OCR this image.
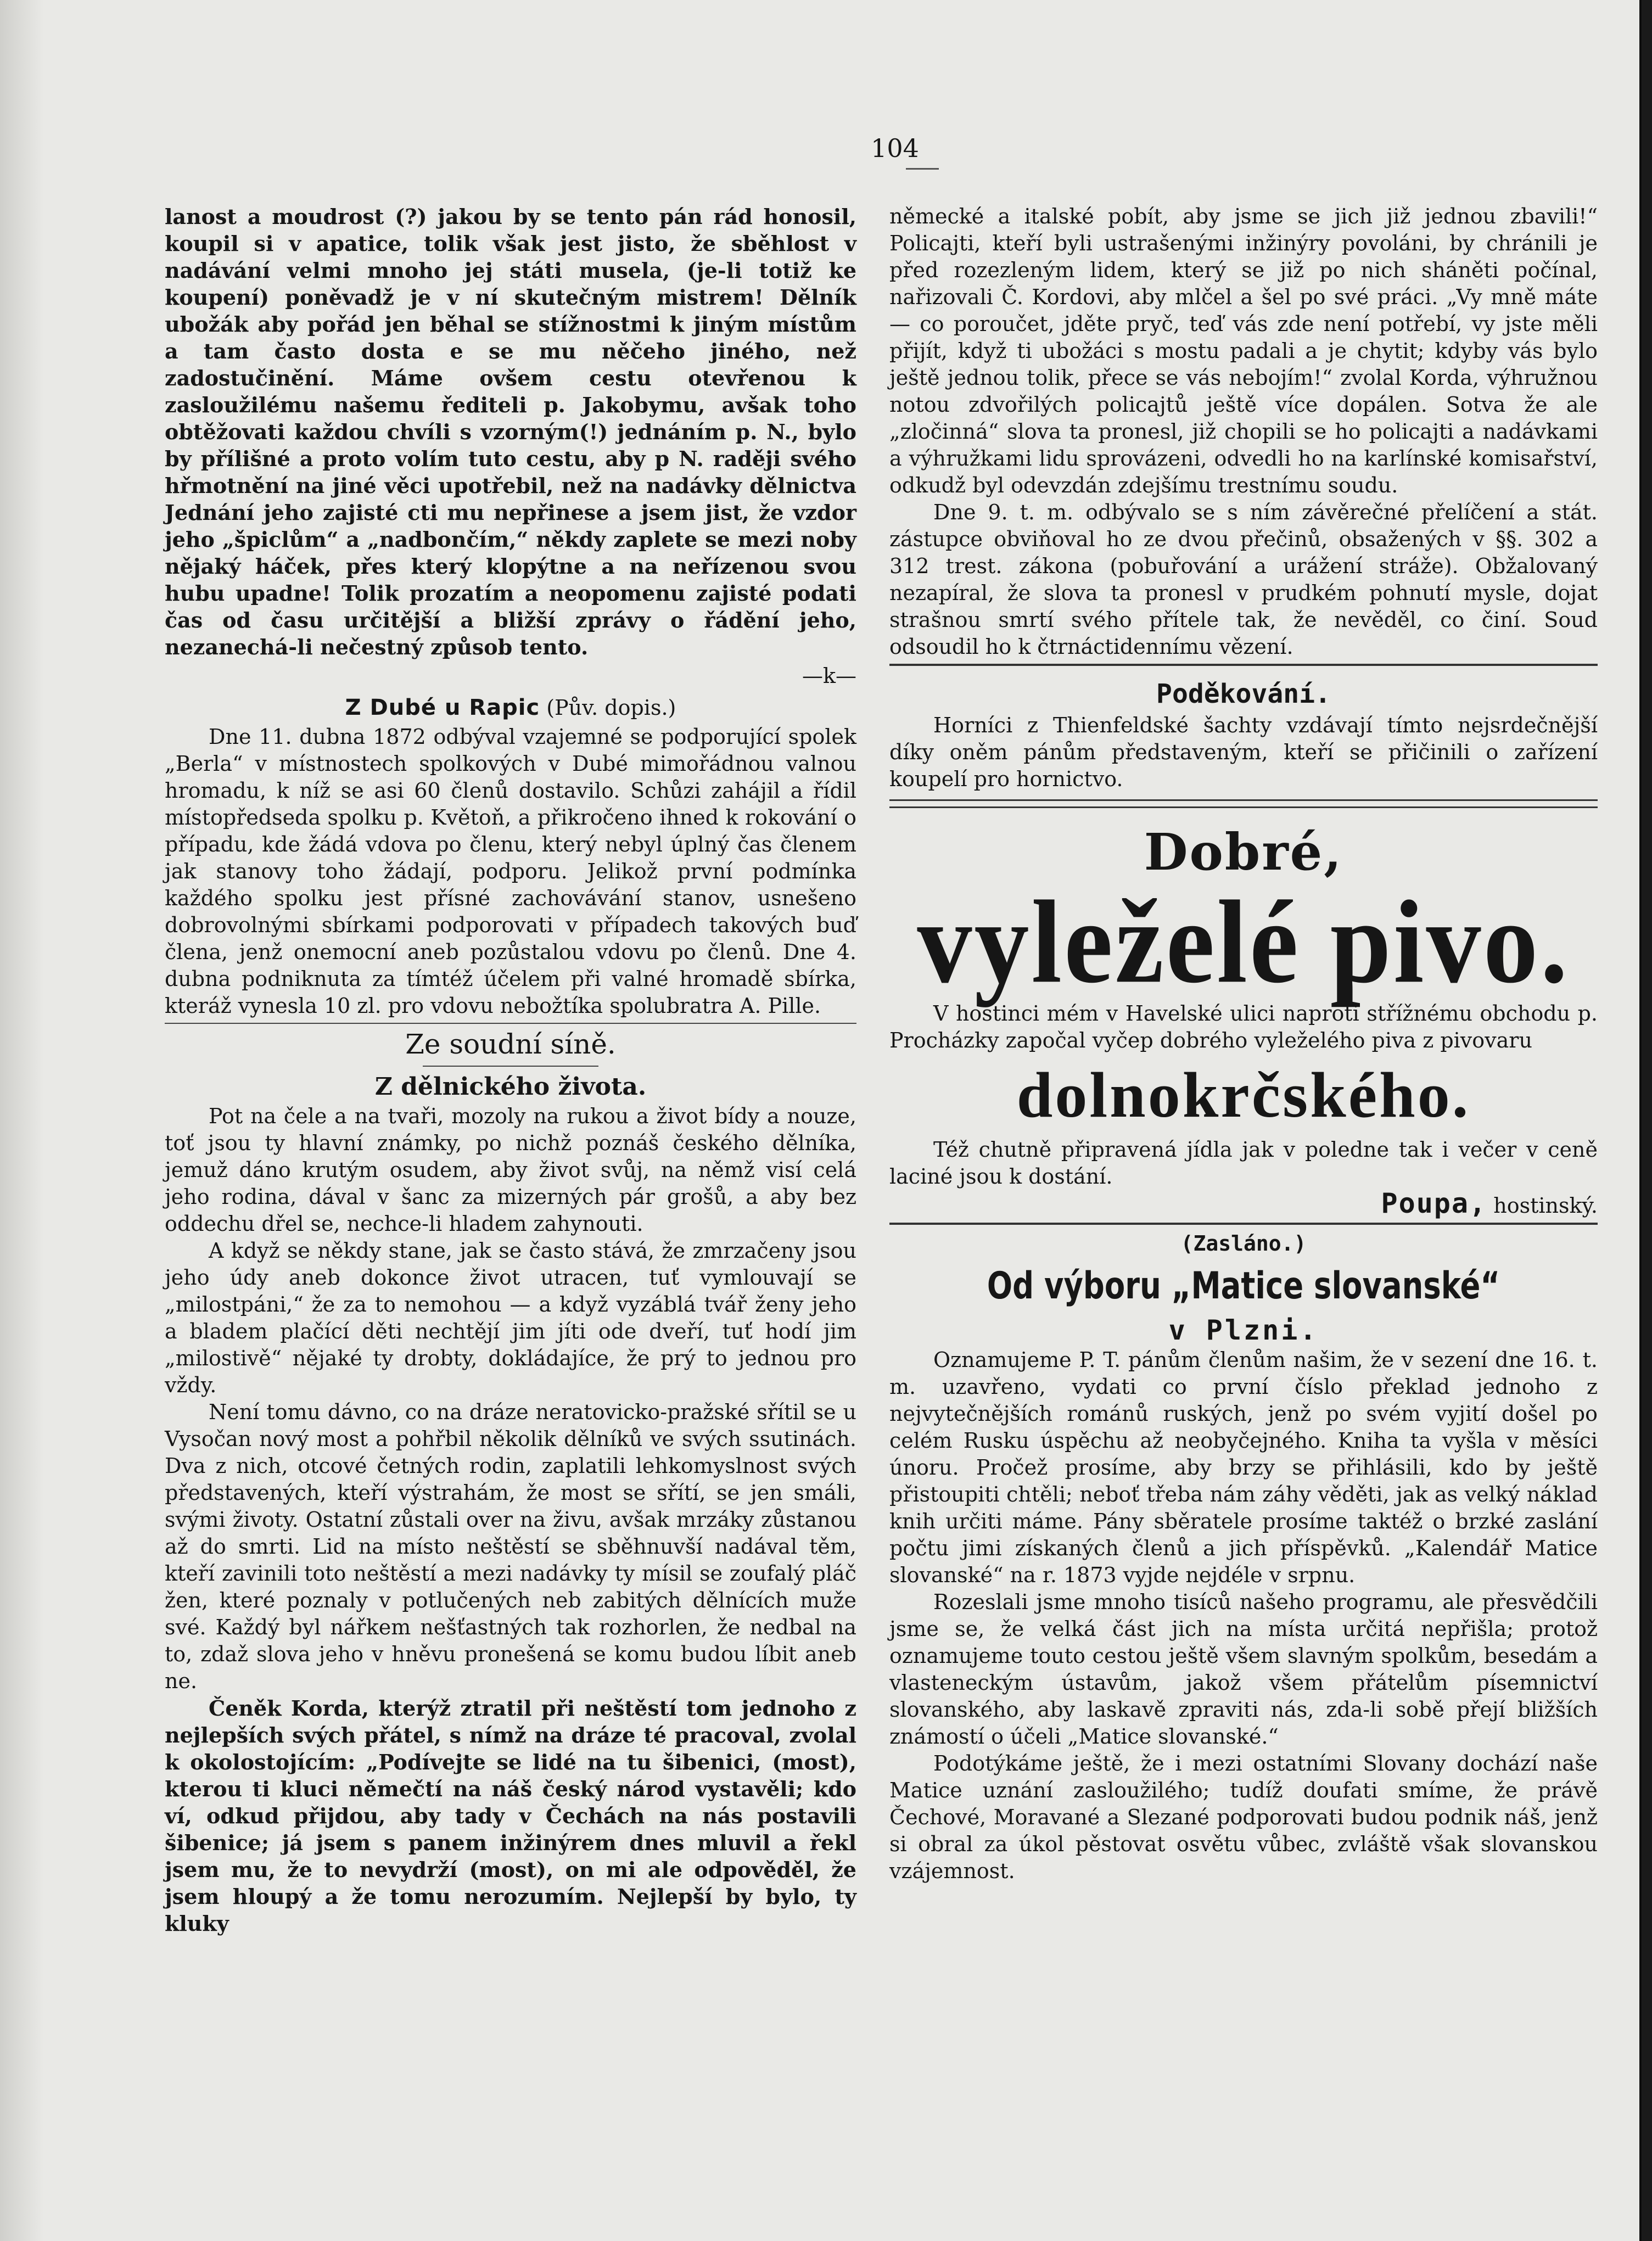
104

lanost a moudrost (?) jakou by se tento pán rád honosil, koupil si v apatice, tolik však jest jisto, že sběhlost v nadávání velmi mnoho jej státi musela, (je-li totiž ke koupení) poněvadž je v ní skutečným mistrem! Dělník ubožák aby pořád jen běhal se stížnostmi k jiným místům a tam často dosta e se mu něčeho jiného, než zadostučinění. Máme ovšem cestu otevřenou k zasloužilému našemu řediteli p. Jakobymu, avšak toho obtěžovati každou chvíli s vzorným(!) jednáním p. N., bylo by přílišné a proto volím tuto cestu, aby p N. raději svého hřmotnění na jiné věci upotřebil, než na nadávky dělnictva Jednání jeho zajisté cti mu nepřinese a jsem jist, že vzdor jeho „špiclům“ a „nadbončím,“ někdy zaplete se mezi noby nějaký háček, přes který klopýtne a na neřízenou svou hubu upadne! Tolik prozatím a neopomenu zajisté podati čas od času určitější a bližší zprávy o řádění jeho, nezanechá-li nečestný způsob tento.

—k—
Z Dubé u Rapic (Pův. dopis.)

Dne 11. dubna 1872 odbýval vzajemné se podporující spolek „Berla“ v místnostech spolkových v Dubé mimořádnou valnou hromadu, k níž se asi 60 členů dostavilo. Schůzi zahájil a řídil místopředseda spolku p. Květoň, a přikročeno ihned k rokování o případu, kde žádá vdova po členu, který nebyl úplný čas členem jak stanovy toho žádají, podporu. Jelikož první podmínka každého spolku jest přísné zachovávání stanov, usnešeno dobrovolnými sbírkami podporovati v případech takových buď člena, jenž onemocní aneb pozůstalou vdovu po členů. Dne 4. dubna podniknuta za tímtéž účelem při valné hromadě sbírka, kteráž vynesla 10 zl. pro vdovu nebožtíka spolubratra A. Pille.

Ze soudní síně.
Z dělnického života.

Pot na čele a na tvaři, mozoly na rukou a život bídy a nouze, toť jsou ty hlavní známky, po nichž poznáš českého dělníka, jemuž dáno krutým osudem, aby život svůj, na němž visí celá jeho rodina, dával v šanc za mizerných pár grošů, a aby bez oddechu dřel se, nechce-li hladem zahynouti.

A když se někdy stane, jak se často stává, že zmrzačeny jsou jeho údy aneb dokonce život utracen, tuť vymlouvají se „milostpáni,“ že za to nemohou — a když vyzáblá tvář ženy jeho a bladem plačící děti nechtějí jim jíti ode dveří, tuť hodí jim „milostivě“ nějaké ty drobty, dokládajíce, že prý to jednou pro vždy.

Není tomu dávno, co na dráze neratovicko-pražské sřítil se u Vysočan nový most a pohřbil několik dělníků ve svých ssutinách. Dva z nich, otcové četných rodin, zaplatili lehkomyslnost svých představených, kteří výstrahám, že most se sřítí, se jen smáli, svými životy. Ostatní zůstali over na živu, avšak mrzáky zůstanou až do smrti. Lid na místo neštěstí se sběhnuvší nadával těm, kteří zavinili toto neštěstí a mezi nadávky ty mísil se zoufalý pláč žen, které poznaly v potlučených neb zabitých dělnících muže své. Každý byl nářkem nešťastných tak rozhorlen, že nedbal na to, zdaž slova jeho v hněvu pronešená se komu budou líbit aneb ne.

Čeněk Korda, kterýž ztratil při neštěstí tom jednoho z nejlepších svých přátel, s nímž na dráze té pracoval, zvolal k okolostojícím: „Podívejte se lidé na tu šibenici, (most), kterou ti kluci němečtí na náš český národ vystavěli; kdo ví, odkud přijdou, aby tady v Čechách na nás postavili šibenice; já jsem s panem inžinýrem dnes mluvil a řekl jsem mu, že to nevydrží (most), on mi ale odpověděl, že jsem hloupý a že tomu nerozumím. Nejlepší by bylo, ty kluky

německé a italské pobít, aby jsme se jich již jednou zbavili!“ Policajti, kteří byli ustrašenými inžinýry povoláni, by chránili je před rozezleným lidem, který se již po nich sháněti počínal, nařizovali Č. Kordovi, aby mlčel a šel po své práci. „Vy mně máte — co poroučet, jděte pryč, teď vás zde není potřebí, vy jste měli přijít, když ti ubožáci s mostu padali a je chytit; kdyby vás bylo ještě jednou tolik, přece se vás nebojím!“ zvolal Korda, výhružnou notou zdvořilých policajtů ještě více dopálen. Sotva že ale „zločinná“ slova ta pronesl, již chopili se ho policajti a nadávkami a výhružkami lidu sprovázeni, odvedli ho na karlínské komisařství, odkudž byl odevzdán zdejšímu trestnímu soudu.

Dne 9. t. m. odbývalo se s ním závěrečné přelíčení a stát. zástupce obviňoval ho ze dvou přečinů, obsažených v §§. 302 a 312 trest. zákona (pobuřování a urážení stráže). Obžalovaný nezapíral, že slova ta pronesl v prudkém pohnutí mysle, dojat strašnou smrtí svého přítele tak, že nevěděl, co činí. Soud odsoudil ho k čtrnáctidennímu vězení.

Poděkování.

Horníci z Thienfeldské šachty vzdávají tímto nejsrdečnější díky oněm pánům představeným, kteří se přičinili o zařízení koupelí pro hornictvo.

Dobré,
vyleželé pivo.

V hostinci mém v Havelské ulici naproti střížnému obchodu p. Procházky započal vyčep dobrého vyleželého piva z pivovaru

dolnokrčského.

Též chutně připravená jídla jak v poledne tak i večer v ceně laciné jsou k dostání.

Poupa, hostinský.

(Zasláno.)
Od výboru „Matice slovanské“
v Plzni.

Oznamujeme P. T. pánům členům našim, že v sezení dne 16. t. m. uzavřeno, vydati co první číslo překlad jednoho z nejvytečnějších románů ruských, jenž po svém vyjití došel po celém Rusku úspěchu až neobyčejného. Kniha ta vyšla v měsíci únoru. Pročež prosíme, aby brzy se přihlásili, kdo by ještě přistoupiti chtěli; neboť třeba nám záhy věděti, jak as velký náklad knih určiti máme. Pány sběratele prosíme taktéž o brzké zaslání počtu jimi získaných členů a jich příspěvků. „Kalendář Matice slovanské“ na r. 1873 vyjde nejdéle v srpnu.

Rozeslali jsme mnoho tisíců našeho programu, ale přesvědčili jsme se, že velká část jich na místa určitá nepřišla; protož oznamujeme touto cestou ještě všem slavným spolkům, besedám a vlasteneckým ústavům, jakož všem přátelům písemnictví slovanského, aby laskavě zpraviti nás, zda-li sobě přejí bližších známostí o účeli „Matice slovanské.“

Podotýkáme ještě, že i mezi ostatními Slovany dochází naše Matice uznání zasloužilého; tudíž doufati smíme, že právě Čechové, Moravané a Slezané podporovati budou podnik náš, jenž si obral za úkol pěstovat osvětu vůbec, zvláště však slovanskou vzájemnost.
